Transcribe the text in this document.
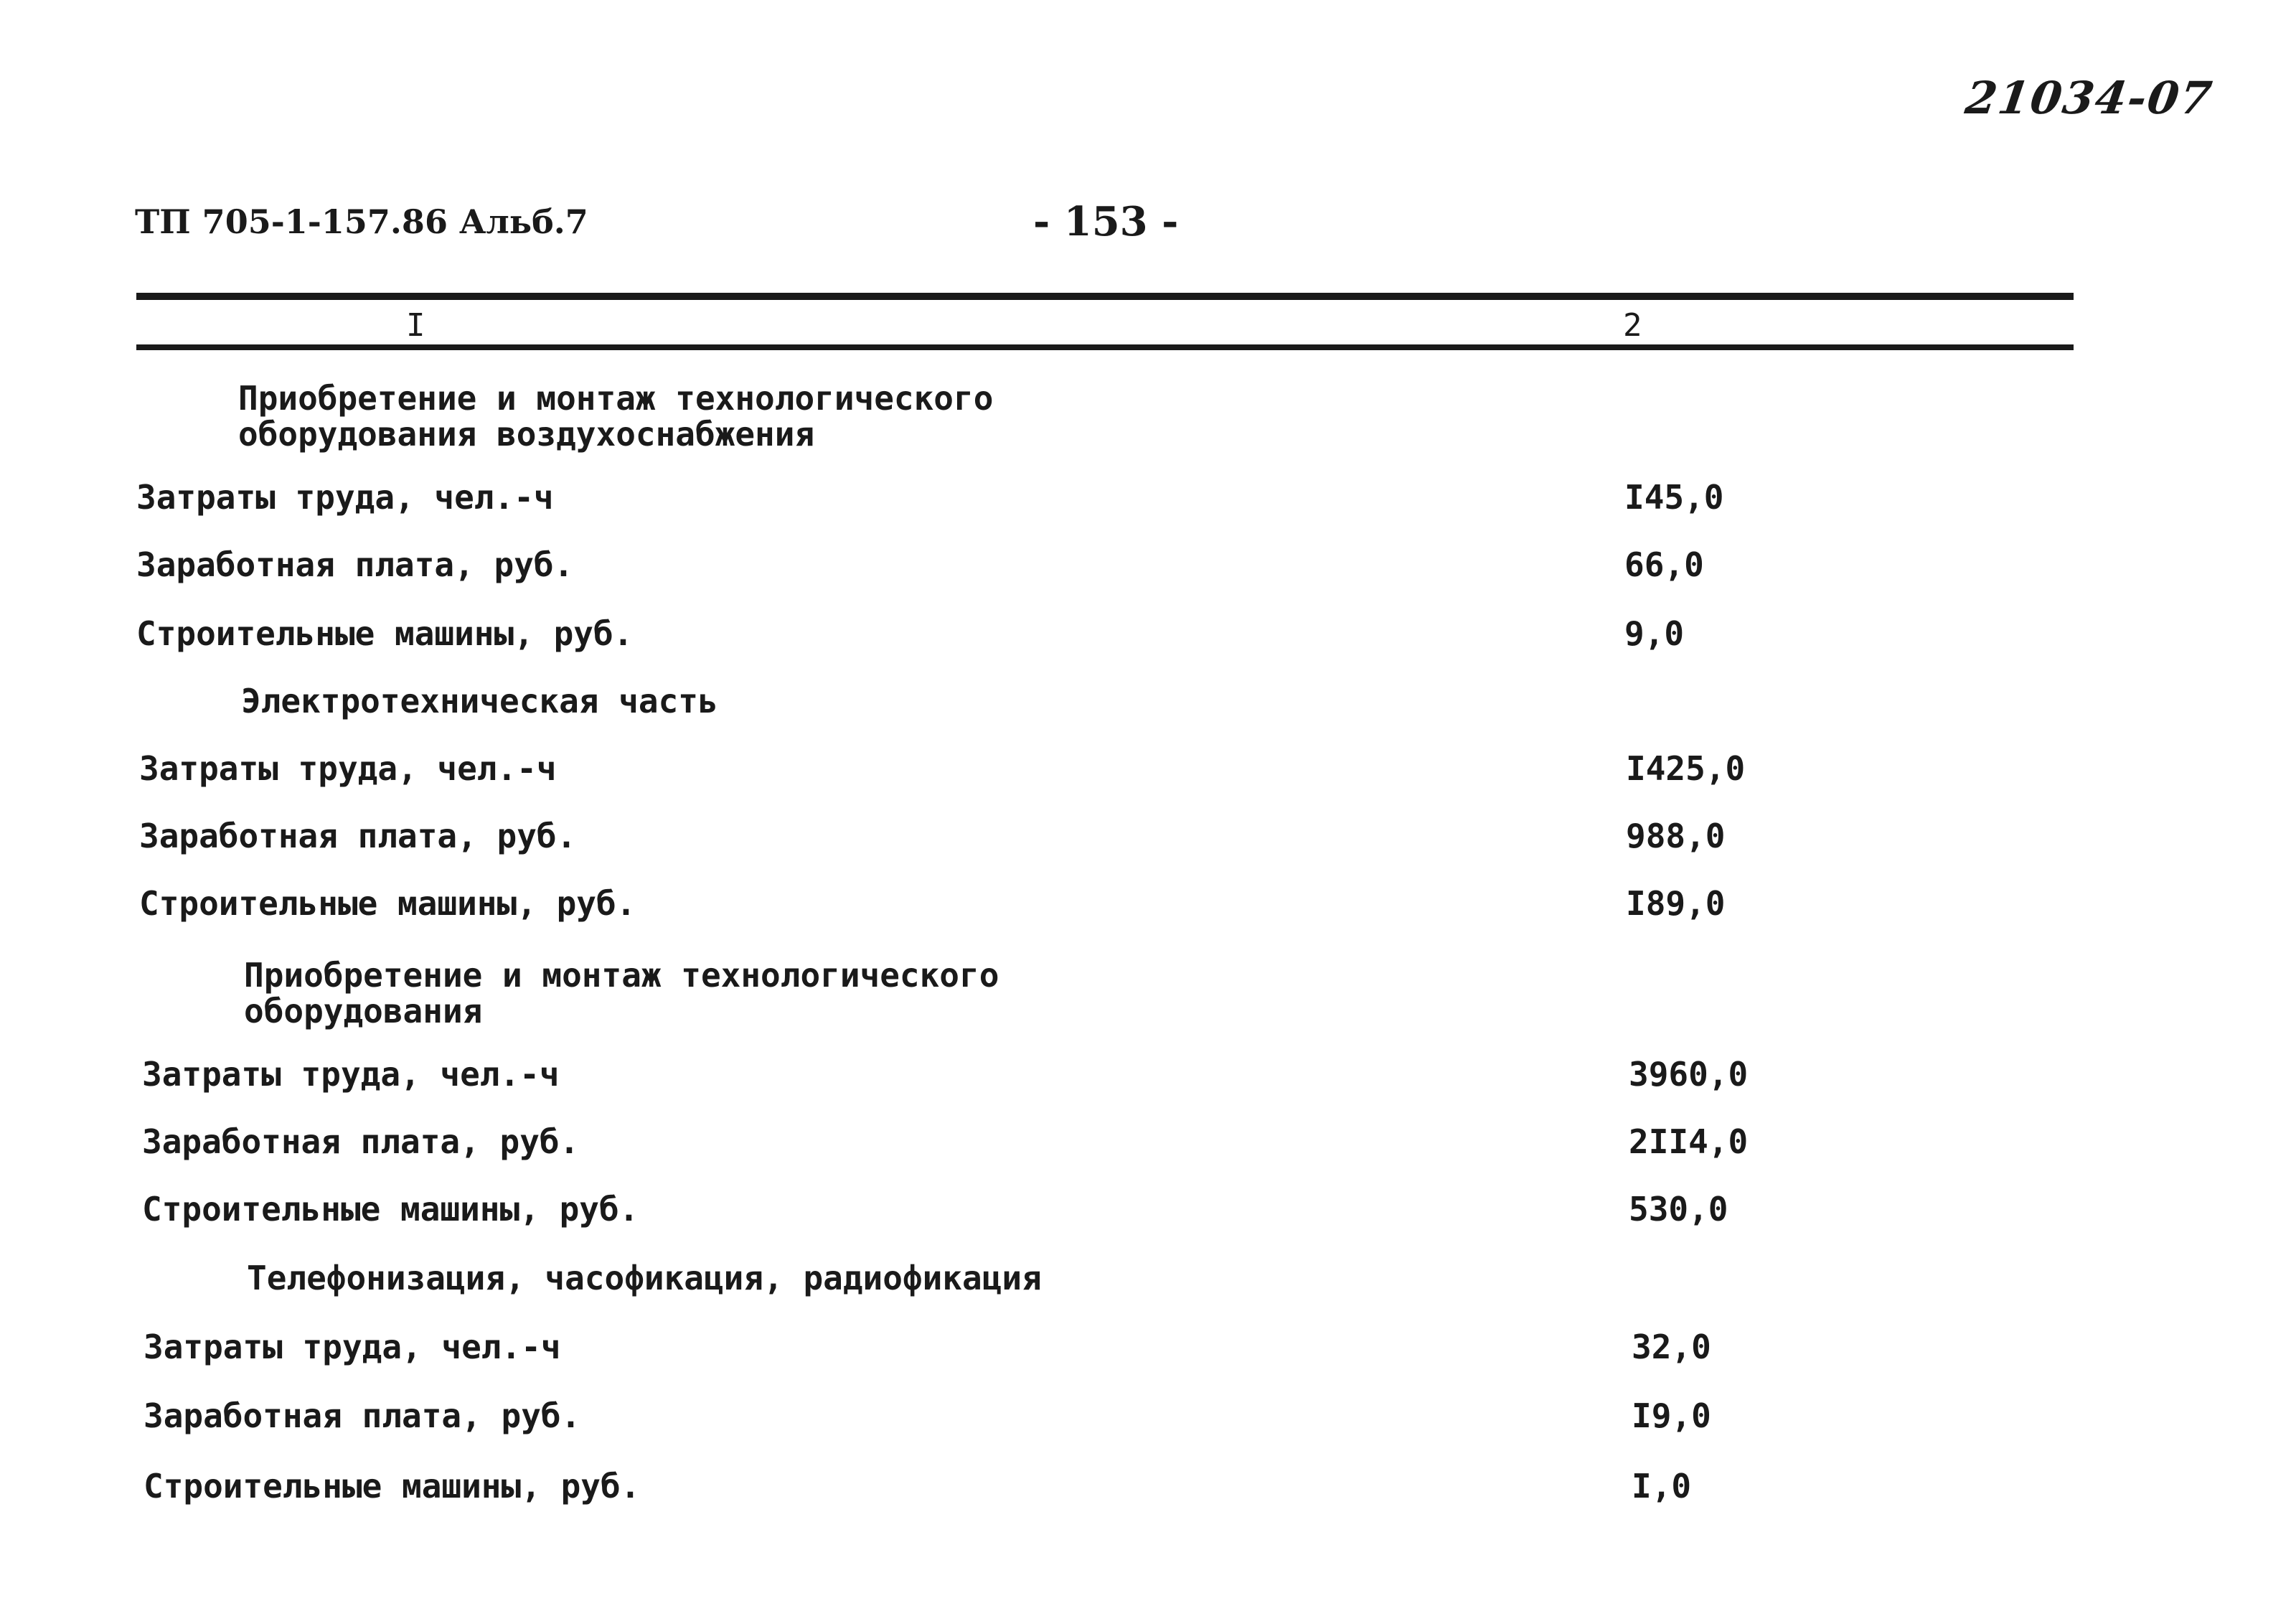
21034-07
ТП 705-1-157.86 Альб.7	- 153 -
I	2
Приобретение и монтаж технологического
оборудования воздухоснабжения
Затраты труда, чел.-ч	I45,0
Заработная плата, руб.	66,0
Строительные машины, руб.	9,0
Электротехническая часть
Затраты труда, чел.-ч	I425,0
Заработная плата, руб.	988,0
Строительные машины, руб.	I89,0
Приобретение и монтаж технологического
оборудования
Затраты труда, чел.-ч	3960,0
Заработная плата, руб.	2II4,0
Строительные машины, руб.	530,0
Телефонизация, часофикация, радиофикация
Затраты труда, чел.-ч	32,0
Заработная плата, руб.	I9,0
Строительные машины, руб.	I,0
